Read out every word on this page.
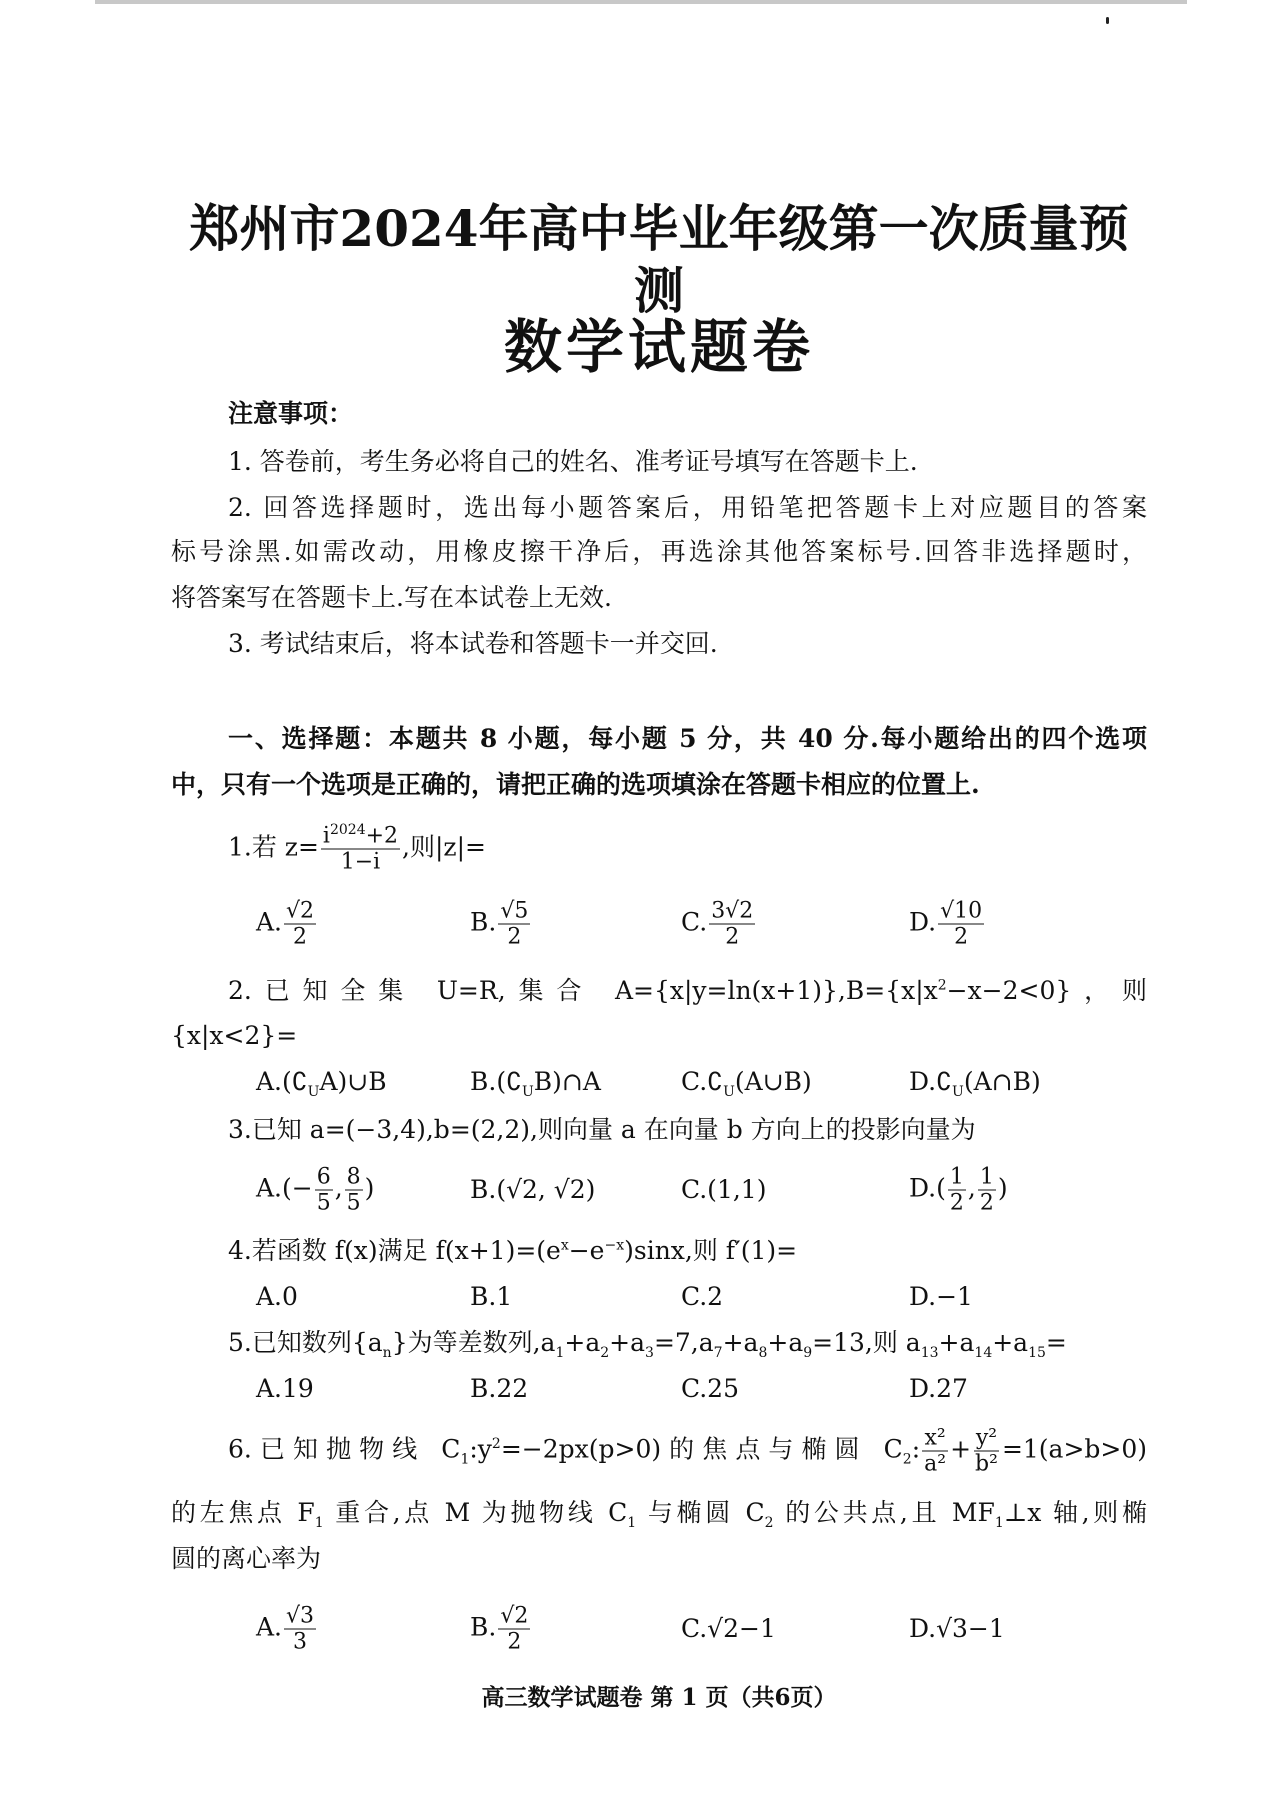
郑州市2024年高中毕业年级第一次质量预测
数学试题卷
注意事项：
1. 答卷前，考生务必将自己的姓名、准考证号填写在答题卡上.
2. 回答选择题时，选出每小题答案后，用铅笔把答题卡上对应题目的答案
标号涂黑.如需改动，用橡皮擦干净后，再选涂其他答案标号.回答非选择题时，
将答案写在答题卡上.写在本试卷上无效.
3. 考试结束后，将本试卷和答题卡一并交回.
一、选择题：本题共 8 小题，每小题 5 分，共 40 分.每小题给出的四个选项
中，只有一个选项是正确的，请把正确的选项填涂在答题卡相应的位置上.
1.若 $z= \frac{i^{2024}+2}{1-i}$ ,则|z|=
A. $\frac{√2}{2}$	B. $\frac{√5}{2}$	C. $\frac{3√2}{2}$	D. $\frac{√10}{2}$
2.已知全集 U=R,集合 $A=\{x|y=\ln(x+1)\},B=\{x|x^2-x-2<0\}$，则
{x|x<2}=
$A.(∁_UA)\cup B$	$B.(∁_UB)\cap A$	$C.∁_U(A\cup B)$	$D.∁_U(A\cap B)$
3.已知 a=(−3,4),b=(2,2),则向量 a 在向量 b 方向上的投影向量为
$A.(- \frac{6}{5}$ , $\frac{8}{5}$ )	B.(√2, √2)	C.(1,1)	$D.( \frac{1}{2}$ , $\frac{1}{2}$ )
4.若函数 f(x)满足 $f(x+1)=(e^x-e^{-x})\sin x$,则 f′(1)=
A.0	B.1	C.2	D.−1
5.已知数列$\{a_n\}$为等差数列$,a_1+a_2+a_3=7,a_7+a_8+a_9=13$,则 $a_{13}+a_{14}+a_{15}=$
A.19	B.22	C.25	D.27
6.已知抛物线 $C_1:y^2=-2px(p>0)$的焦点与椭圆 $C_2$: $\frac{\text{x²}}{\text{a²}} + \frac{\text{y²}}{\text{b²}} =1(a>b>0)$
的左焦点 $F_1$ 重合,点 M 为抛物线 $C_1$ 与椭圆 $C_2$ 的公共点,且 $MF_1\perp x$ 轴,则椭
圆的离心率为
A. $\frac{√3}{3}$	B. $\frac{√2}{2}$	C.√2−1	D.√3−1
高三数学试题卷 第 1 页（共6页）
